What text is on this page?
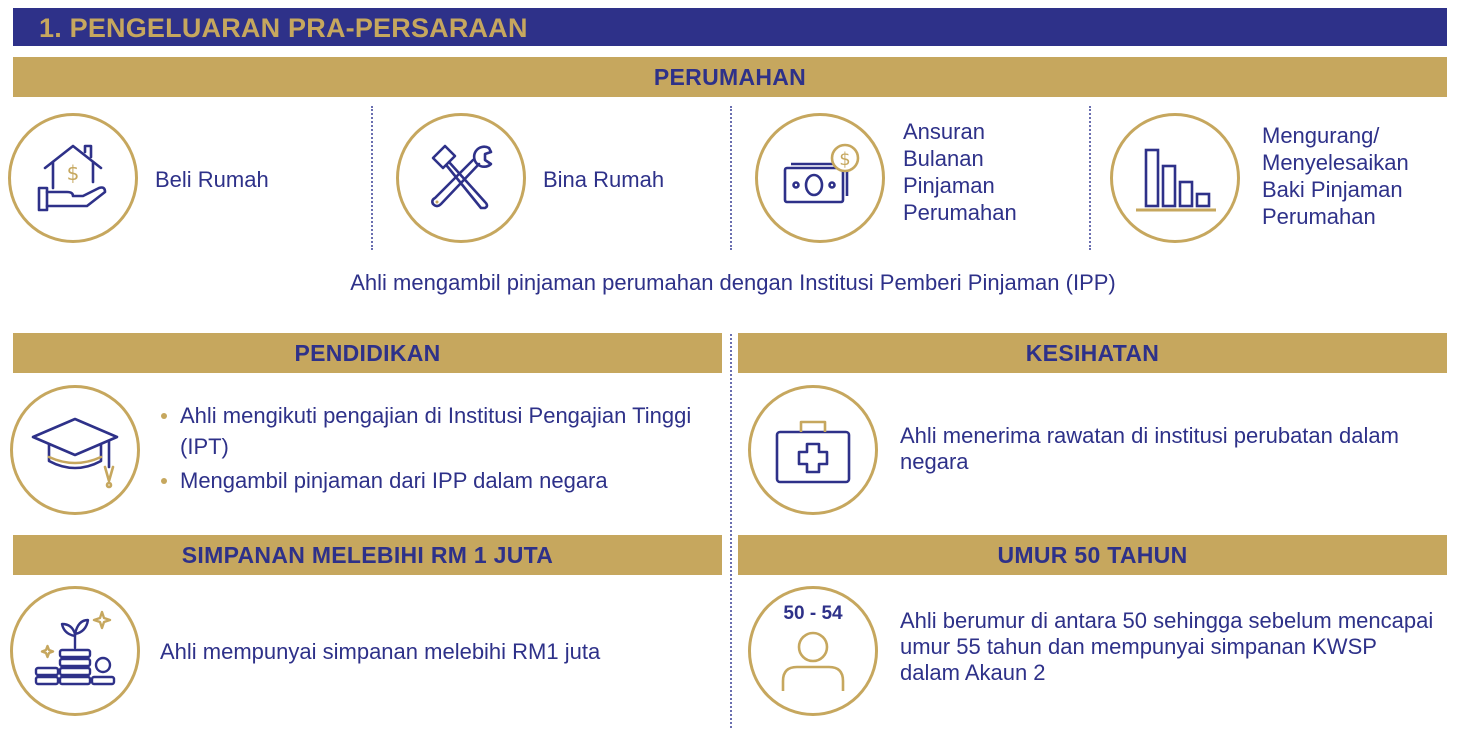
1. PENGELUARAN PRA-PERSARAAN
PERUMAHAN
$	Beli Rumah	Bina Rumah
$
Ansuran
Bulanan
Pinjaman
Perumahan
Mengurang/
Menyelesaikan
Baki Pinjaman
Perumahan
Ahli mengambil pinjaman perumahan dengan Institusi Pemberi Pinjaman (IPP)
PENDIDIKAN
Ahli mengikuti pengajian di Institusi Pengajian Tinggi (IPT)
Mengambil pinjaman dari IPP dalam negara
KESIHATAN
Ahli menerima rawatan di institusi perubatan dalam negara
SIMPANAN MELEBIHI RM 1 JUTA
Ahli mempunyai simpanan melebihi RM1 juta
UMUR 50 TAHUN
50 - 54	Ahli berumur di antara 50 sehingga sebelum mencapai umur 55 tahun dan mempunyai simpanan KWSP dalam Akaun 2
